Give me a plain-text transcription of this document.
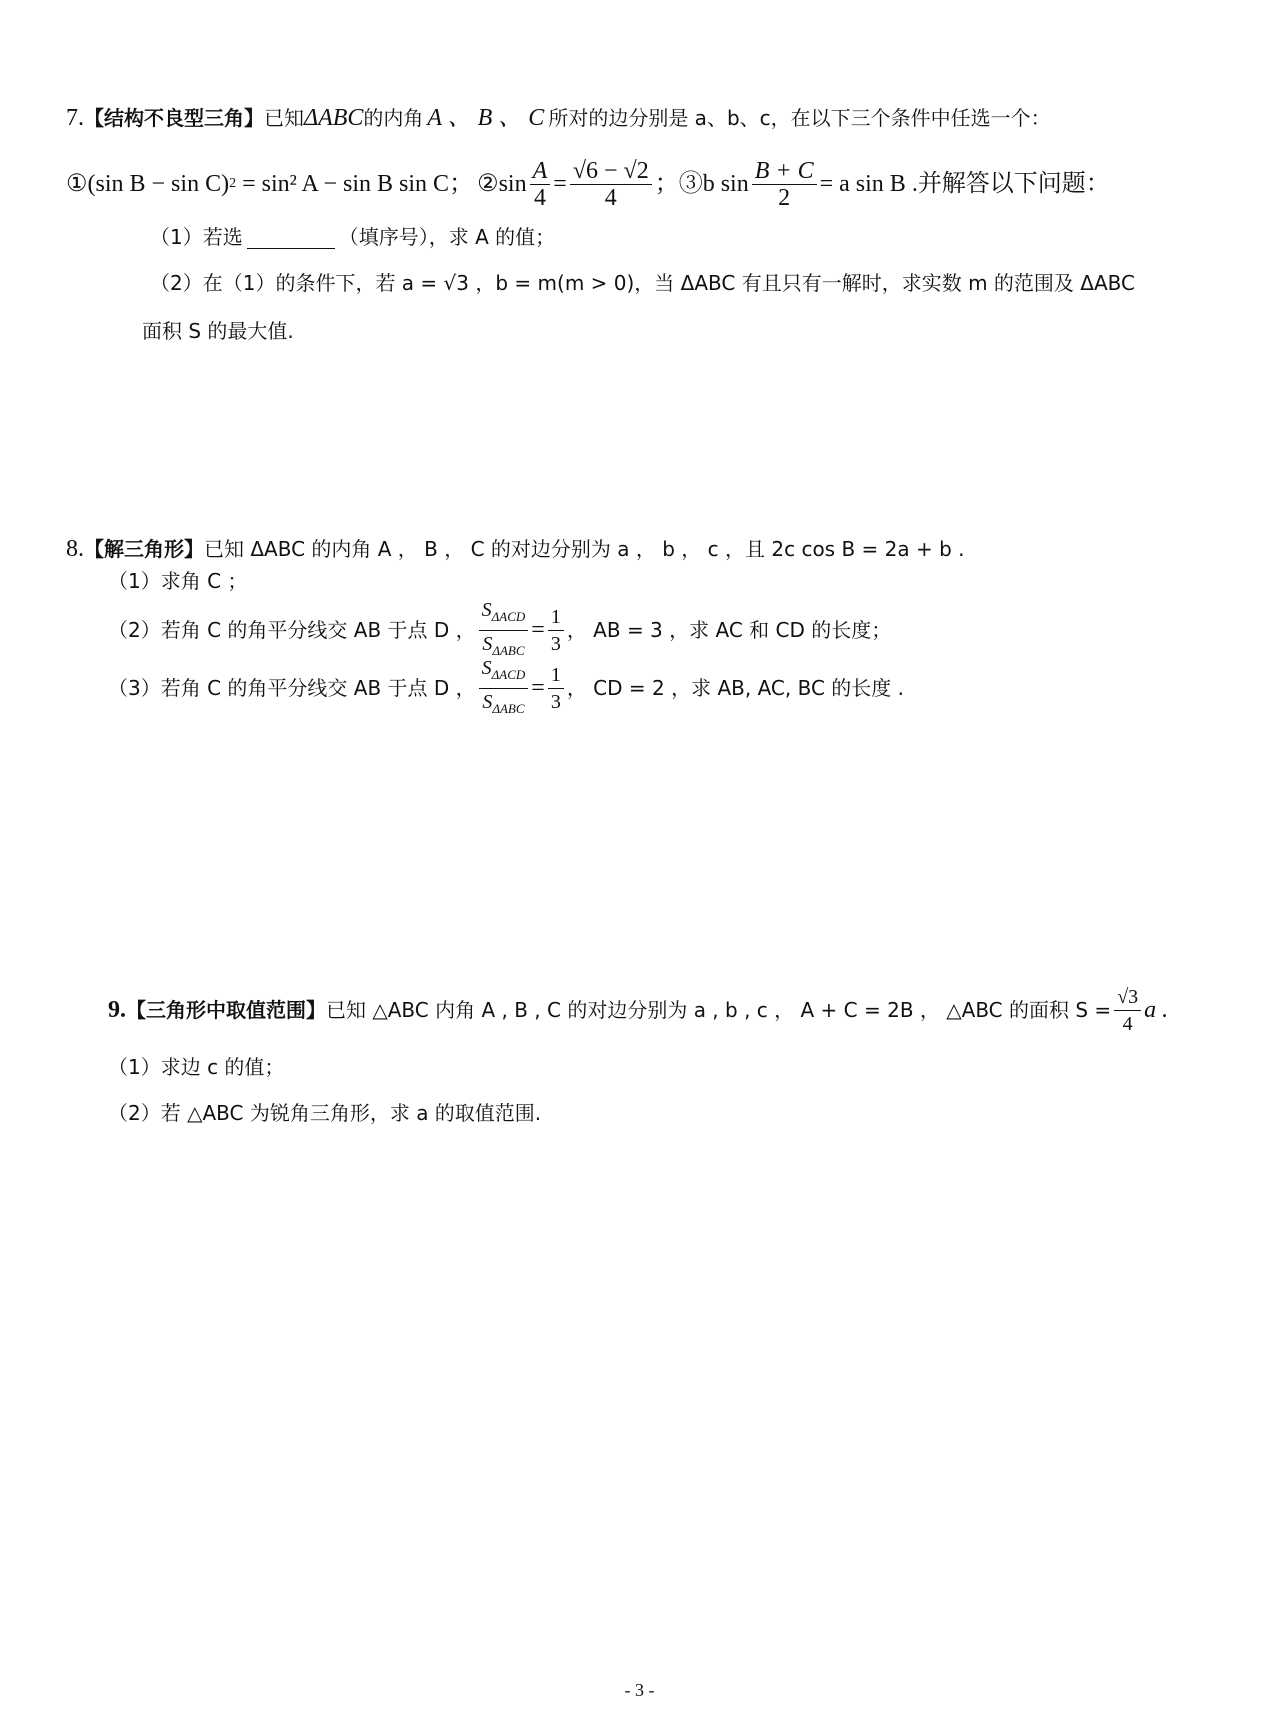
7. 【结构不良型三角】 已知 ΔABC 的内角 A 、 B 、 C 所对的边分别是 a、b、c，在以下三个条件中任选一个：
①(sin B − sin C) 2 = sin² A − sin B sin C； ②sin $\frac{A}{4} = \frac{√6 - √2}{4}$ ；③b $\sin \frac{B + C}{2} = a$ sin B .并解答以下问题：
（1）若选	（填序号），求 A 的值；
（2）在（1）的条件下，若 a = √3 ，b = m(m > 0)，当 ΔABC 有且只有一解时，求实数 m 的范围及 ΔABC
面积 S 的最大值.
8. 【解三角形】 已知 ΔABC 的内角 A ， B ， C 的对边分别为 a ， b ， c ，且 2c cos B = 2a + b .
（1）求角 C ；
（2）若角 C 的角平分线交 AB 于点 D ， $\frac{S_{\Delta ACD}}{S_{\Delta ABC}} = \frac{1}{3}$ ， AB = 3 ，求 AC 和 CD 的长度；
（3）若角 C 的角平分线交 AB 于点 D ， $\frac{S_{\Delta ACD}}{S_{\Delta ABC}} = \frac{1}{3}$ ， CD = 2 ，求 AB, AC, BC 的长度 .
9. 【三角形中取值范围】 已知 △ABC 内角 A , B , C 的对边分别为 a , b , c ， A + C = 2B ， △ABC 的面积 $S = \frac{√3}{4}$ a .
（1）求边 c 的值；
（2）若 △ABC 为锐角三角形，求 a 的取值范围.
- 3 -
